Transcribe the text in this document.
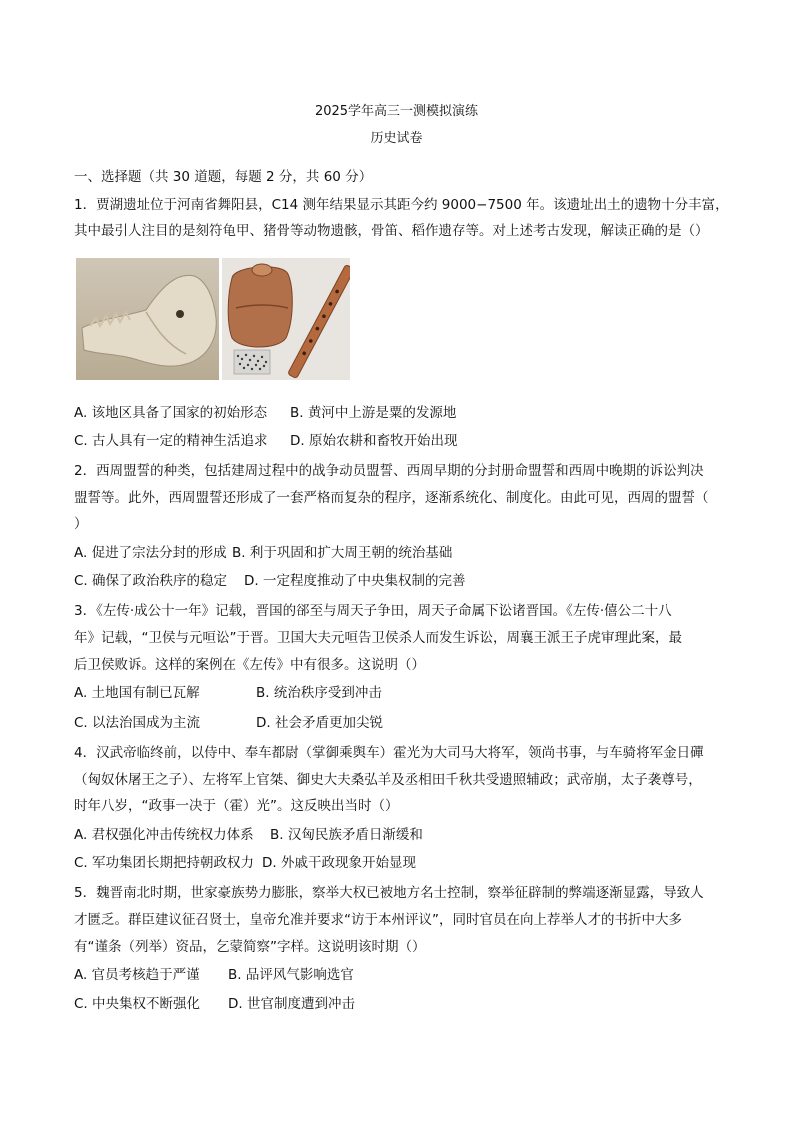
2025学年高三一测模拟演练
历史试卷
一、选择题（共 30 道题，每题 2 分，共 60 分）
1．贾湖遗址位于河南省舞阳县，C14 测年结果显示其距今约 9000−7500 年。该遗址出土的遗物十分丰富，
其中最引人注目的是刻符龟甲、猪骨等动物遗骸，骨笛、稻作遗存等。对上述考古发现，解读正确的是（）
A. 该地区具备了国家的初始形态 B. 黄河中上游是粟的发源地
C. 古人具有一定的精神生活追求 D. 原始农耕和畜牧开始出现
2．西周盟誓的种类，包括建周过程中的战争动员盟誓、西周早期的分封册命盟誓和西周中晚期的诉讼判决
盟誓等。此外，西周盟誓还形成了一套严格而复杂的程序，逐渐系统化、制度化。由此可见，西周的盟誓（
）
A. 促进了宗法分封的形成 B. 利于巩固和扩大周王朝的统治基础
C. 确保了政治秩序的稳定 D. 一定程度推动了中央集权制的完善
3．《左传·成公十一年》记载，晋国的郤至与周天子争田，周天子命属下讼诸晋国。《左传·僖公二十八
年》记载，“卫侯与元咺讼”于晋。卫国大夫元咺告卫侯杀人而发生诉讼，周襄王派王子虎审理此案，最
后卫侯败诉。这样的案例在《左传》中有很多。这说明（）
A. 土地国有制已瓦解	B. 统治秩序受到冲击
C. 以法治国成为主流	D. 社会矛盾更加尖锐
4．汉武帝临终前，以侍中、奉车都尉（掌御乘舆车）霍光为大司马大将军，领尚书事，与车骑将军金日磾
（匈奴休屠王之子）、左将军上官桀、御史大夫桑弘羊及丞相田千秋共受遗照辅政；武帝崩，太子袭尊号，
时年八岁，“政事一决于（霍）光”。这反映出当时（）
A. 君权强化冲击传统权力体系 B. 汉匈民族矛盾日渐缓和
C. 军功集团长期把持朝政权力 D. 外戚干政现象开始显现
5．魏晋南北时期，世家豪族势力膨胀，察举大权已被地方名士控制，察举征辟制的弊端逐渐显露，导致人
才匮乏。群臣建议征召贤士，皇帝允准并要求“访于本州评议”，同时官员在向上荐举人才的书折中大多
有“谨条（列举）资品，乞蒙简察”字样。这说明该时期（）
A. 官员考核趋于严谨 B. 品评风气影响选官
C. 中央集权不断强化 D. 世官制度遭到冲击
